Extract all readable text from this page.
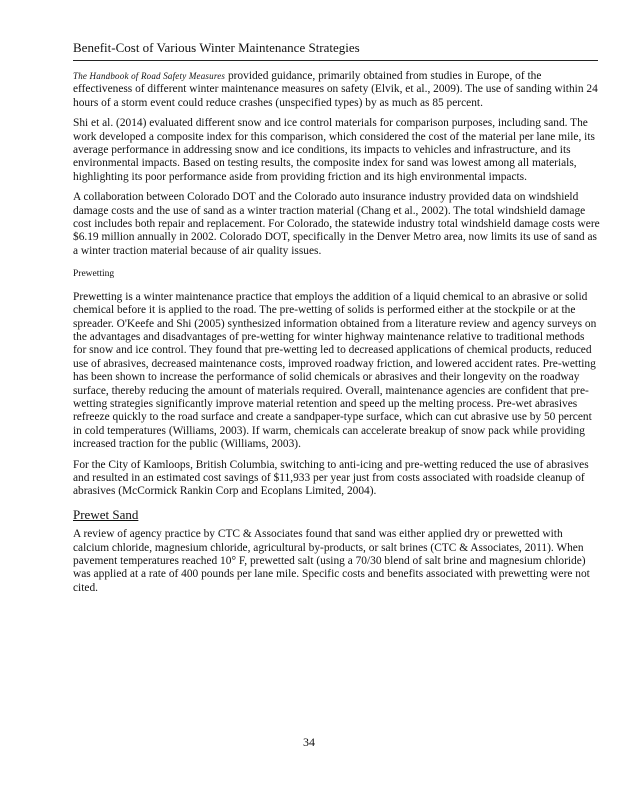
Benefit-Cost of Various Winter Maintenance Strategies

The Handbook of Road Safety Measures provided guidance, primarily obtained from studies in Europe, of the effectiveness of different winter maintenance measures on safety (Elvik, et al., 2009). The use of sanding within 24 hours of a storm event could reduce crashes (unspecified types) by as much as 85 percent.

Shi et al. (2014) evaluated different snow and ice control materials for comparison purposes, including sand. The work developed a composite index for this comparison, which considered the cost of the material per lane mile, its average performance in addressing snow and ice conditions, its impacts to vehicles and infrastructure, and its environmental impacts. Based on testing results, the composite index for sand was lowest among all materials, highlighting its poor performance aside from providing friction and its high environmental impacts.

A collaboration between Colorado DOT and the Colorado auto insurance industry provided data on windshield damage costs and the use of sand as a winter traction material (Chang et al., 2002). The total windshield damage cost includes both repair and replacement. For Colorado, the statewide industry total windshield damage costs were $6.19 million annually in 2002. Colorado DOT, specifically in the Denver Metro area, now limits its use of sand as a winter traction material because of air quality issues.

Prewetting

Prewetting is a winter maintenance practice that employs the addition of a liquid chemical to an abrasive or solid chemical before it is applied to the road. The pre-wetting of solids is performed either at the stockpile or at the spreader. O'Keefe and Shi (2005) synthesized information obtained from a literature review and agency surveys on the advantages and disadvantages of pre-wetting for winter highway maintenance relative to traditional methods for snow and ice control. They found that pre-wetting led to decreased applications of chemical products, reduced use of abrasives, decreased maintenance costs, improved roadway friction, and lowered accident rates. Pre-wetting has been shown to increase the performance of solid chemicals or abrasives and their longevity on the roadway surface, thereby reducing the amount of materials required. Overall, maintenance agencies are confident that pre-wetting strategies significantly improve material retention and speed up the melting process. Pre-wet abrasives refreeze quickly to the road surface and create a sandpaper-type surface, which can cut abrasive use by 50 percent in cold temperatures (Williams, 2003). If warm, chemicals can accelerate breakup of snow pack while providing increased traction for the public (Williams, 2003).

For the City of Kamloops, British Columbia, switching to anti-icing and pre-wetting reduced the use of abrasives and resulted in an estimated cost savings of $11,933 per year just from costs associated with roadside cleanup of abrasives (McCormick Rankin Corp and Ecoplans Limited, 2004).

Prewet Sand

A review of agency practice by CTC & Associates found that sand was either applied dry or prewetted with calcium chloride, magnesium chloride, agricultural by-products, or salt brines (CTC & Associates, 2011). When pavement temperatures reached 10° F, prewetted salt (using a 70/30 blend of salt brine and magnesium chloride) was applied at a rate of 400 pounds per lane mile. Specific costs and benefits associated with prewetting were not cited.

34
